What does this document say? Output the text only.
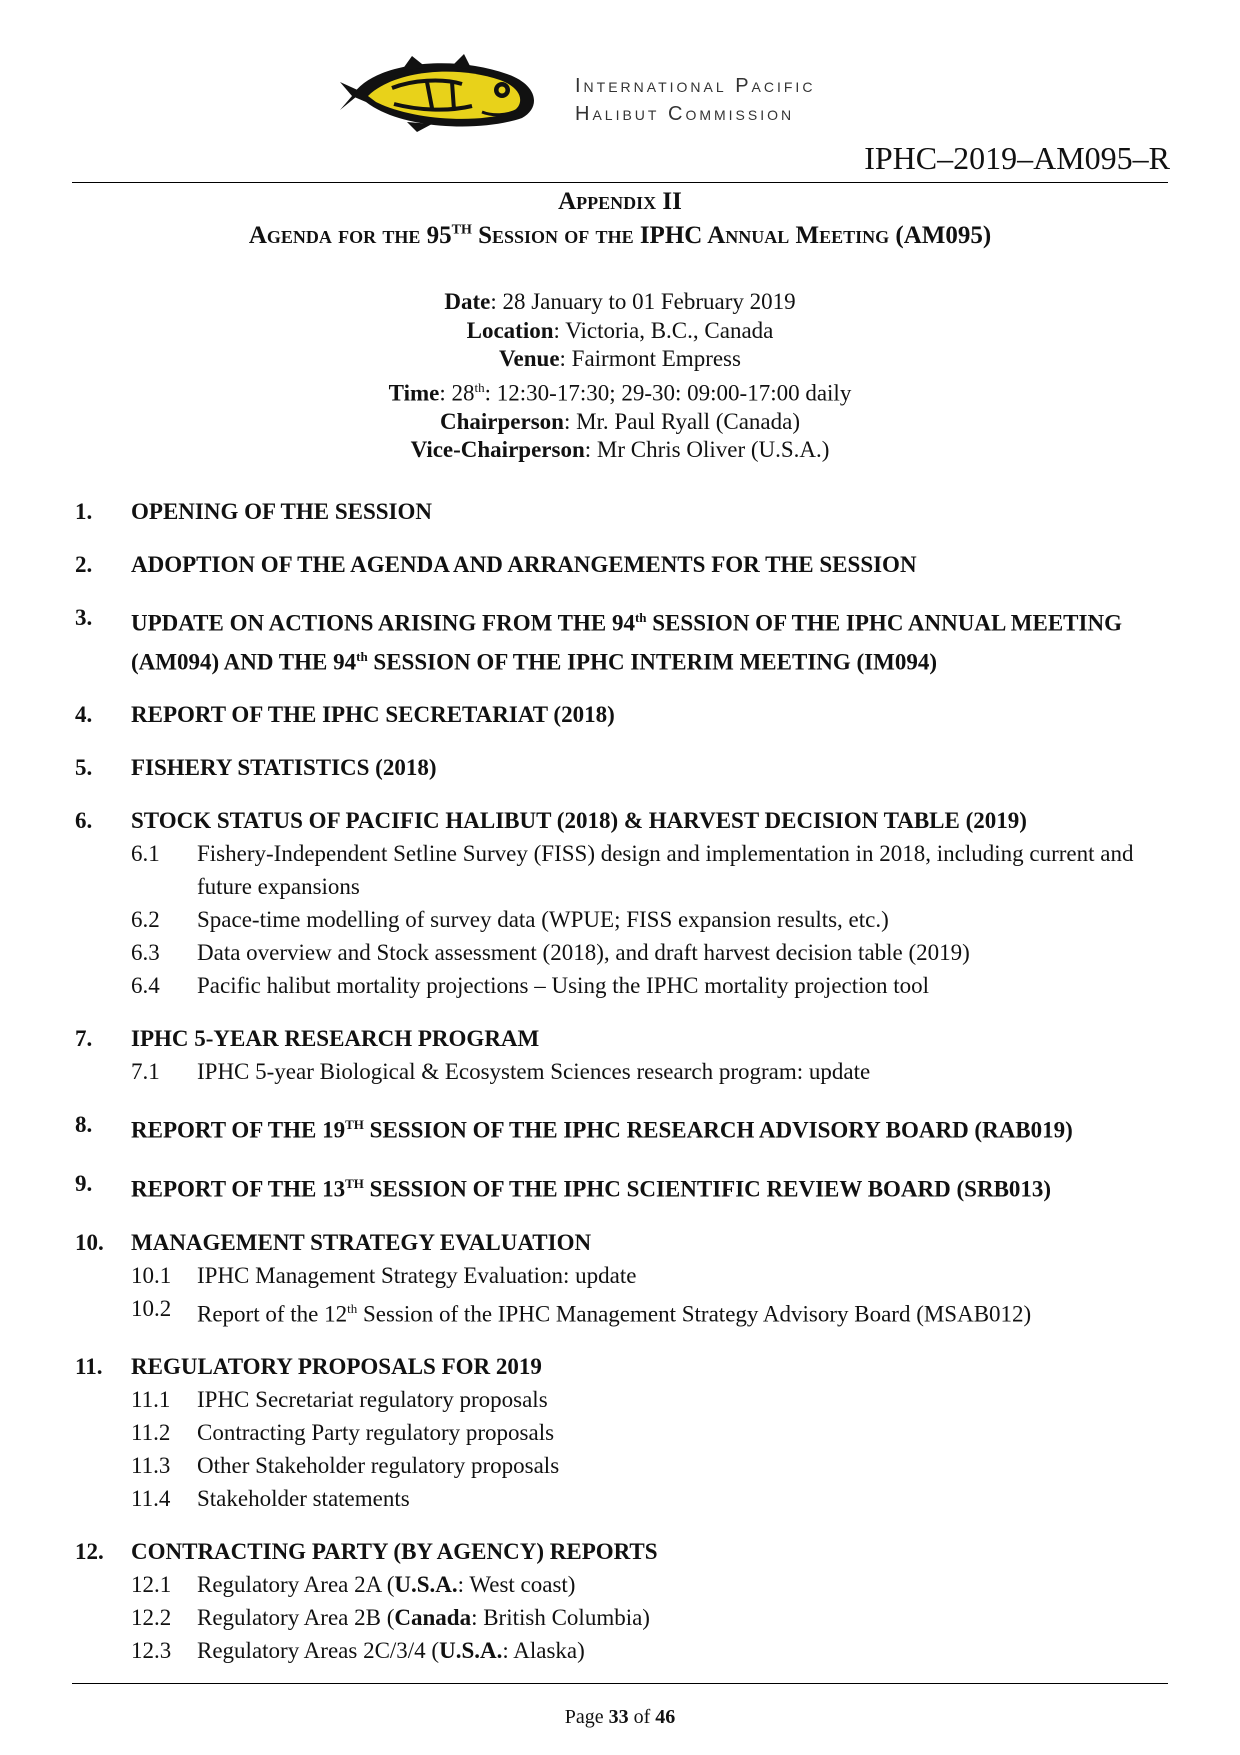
International Pacific
Halibut Commission
IPHC–2019–AM095–R
Appendix II
Agenda for the 95TH Session of the IPHC Annual Meeting (AM095)
Date: 28 January to 01 February 2019
Location: Victoria, B.C., Canada
Venue: Fairmont Empress
Time: 28th: 12:30-17:30; 29-30: 09:00-17:00 daily
Chairperson: Mr. Paul Ryall (Canada)
Vice-Chairperson: Mr Chris Oliver (U.S.A.)
1.	OPENING OF THE SESSION
2.	ADOPTION OF THE AGENDA AND ARRANGEMENTS FOR THE SESSION
3.	UPDATE ON ACTIONS ARISING FROM THE 94th SESSION OF THE IPHC ANNUAL MEETING (AM094) AND THE 94th SESSION OF THE IPHC INTERIM MEETING (IM094)
4.	REPORT OF THE IPHC SECRETARIAT (2018)
5.	FISHERY STATISTICS (2018)
6.	STOCK STATUS OF PACIFIC HALIBUT (2018) & HARVEST DECISION TABLE (2019)
6.1	Fishery-Independent Setline Survey (FISS) design and implementation in 2018, including current and future expansions
6.2	Space-time modelling of survey data (WPUE; FISS expansion results, etc.)
6.3	Data overview and Stock assessment (2018), and draft harvest decision table (2019)
6.4	Pacific halibut mortality projections – Using the IPHC mortality projection tool
7.	IPHC 5-YEAR RESEARCH PROGRAM
7.1	IPHC 5-year Biological & Ecosystem Sciences research program: update
8.	REPORT OF THE 19TH SESSION OF THE IPHC RESEARCH ADVISORY BOARD (RAB019)
9.	REPORT OF THE 13TH SESSION OF THE IPHC SCIENTIFIC REVIEW BOARD (SRB013)
10.	MANAGEMENT STRATEGY EVALUATION
10.1	IPHC Management Strategy Evaluation: update
10.2	Report of the 12th Session of the IPHC Management Strategy Advisory Board (MSAB012)
11.	REGULATORY PROPOSALS FOR 2019
11.1	IPHC Secretariat regulatory proposals
11.2	Contracting Party regulatory proposals
11.3	Other Stakeholder regulatory proposals
11.4	Stakeholder statements
12.	CONTRACTING PARTY (BY AGENCY) REPORTS
12.1	Regulatory Area 2A (U.S.A.: West coast)
12.2	Regulatory Area 2B (Canada: British Columbia)
12.3	Regulatory Areas 2C/3/4 (U.S.A.: Alaska)
Page 33 of 46
